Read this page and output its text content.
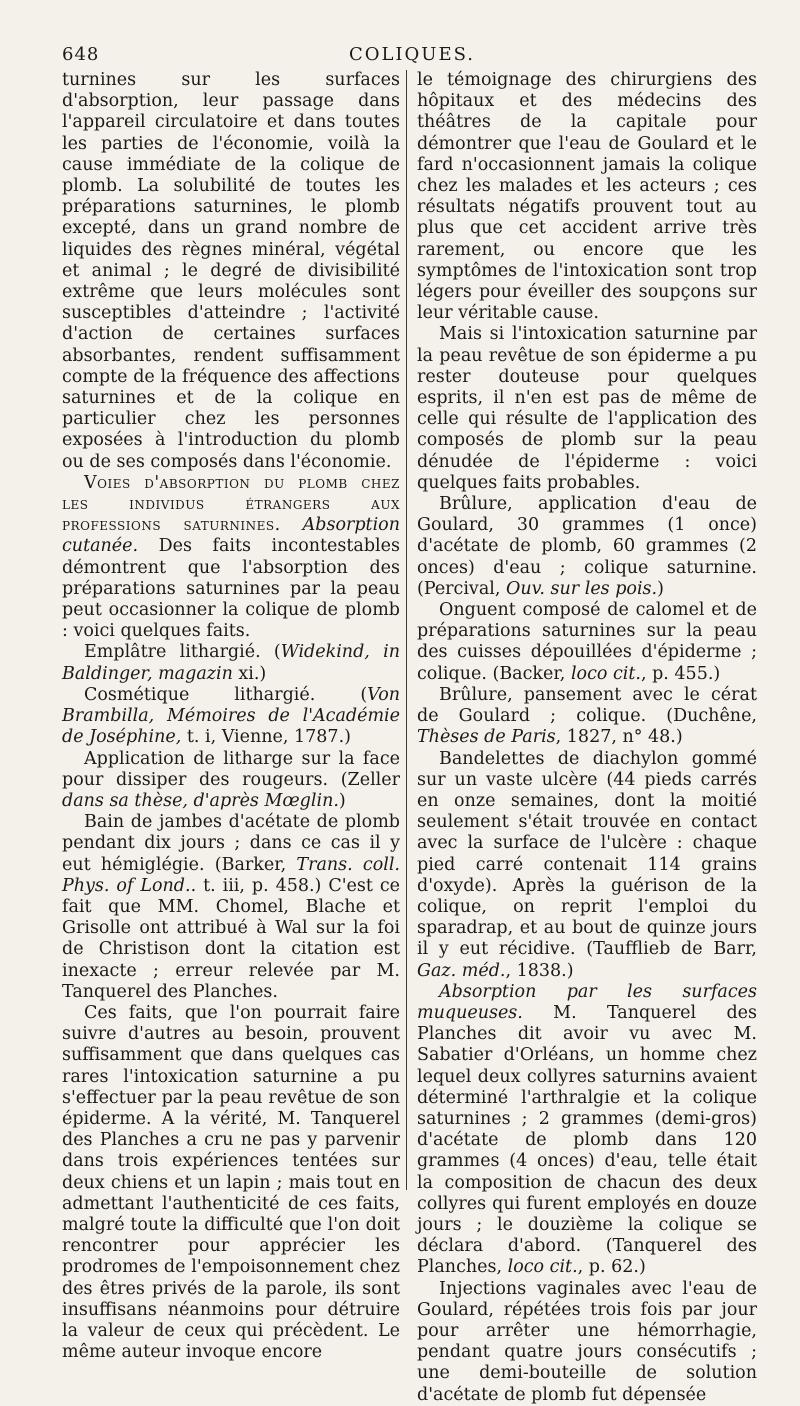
648	COLIQUES.

turnines sur les surfaces d'absorption, leur passage dans l'appareil circulatoire et dans toutes les parties de l'économie, voilà la cause immédiate de la colique de plomb. La solubilité de toutes les préparations saturnines, le plomb excepté, dans un grand nombre de liquides des règnes minéral, végétal et animal ; le degré de divisibilité extrême que leurs molécules sont susceptibles d'atteindre ; l'activité d'action de certaines surfaces absorbantes, rendent suffisamment compte de la fréquence des affections saturnines et de la colique en particulier chez les personnes exposées à l'introduction du plomb ou de ses composés dans l'économie.

Voies d'absorption du plomb chez les individus étrangers aux professions saturnines. Absorption cutanée. Des faits incontestables démontrent que l'absorption des préparations saturnines par la peau peut occasionner la colique de plomb : voici quelques faits.

Emplâtre lithargié. (Widekind, in Baldinger, magazin xi.)

Cosmétique lithargié. (Von Brambilla, Mémoires de l'Académie de Joséphine, t. i, Vienne, 1787.)

Application de litharge sur la face pour dissiper des rougeurs. (Zeller dans sa thèse, d'après Mœglin.)

Bain de jambes d'acétate de plomb pendant dix jours ; dans ce cas il y eut hémiglégie. (Barker, Trans. coll. Phys. of Lond.. t. iii, p. 458.) C'est ce fait que MM. Chomel, Blache et Grisolle ont attribué à Wal sur la foi de Christison dont la citation est inexacte ; erreur relevée par M. Tanquerel des Planches.

Ces faits, que l'on pourrait faire suivre d'autres au besoin, prouvent suffisamment que dans quelques cas rares l'intoxication saturnine a pu s'effectuer par la peau revêtue de son épiderme. A la vérité, M. Tanquerel des Planches a cru ne pas y parvenir dans trois expériences tentées sur deux chiens et un lapin ; mais tout en admettant l'authenticité de ces faits, malgré toute la difficulté que l'on doit rencontrer pour apprécier les prodromes de l'empoisonnement chez des êtres privés de la parole, ils sont insuffisans néanmoins pour détruire la valeur de ceux qui précèdent. Le même auteur invoque encore

le témoignage des chirurgiens des hôpitaux et des médecins des théâtres de la capitale pour démontrer que l'eau de Goulard et le fard n'occasionnent jamais la colique chez les malades et les acteurs ; ces résultats négatifs prouvent tout au plus que cet accident arrive très rarement, ou encore que les symptômes de l'intoxication sont trop légers pour éveiller des soupçons sur leur véritable cause.

Mais si l'intoxication saturnine par la peau revêtue de son épiderme a pu rester douteuse pour quelques esprits, il n'en est pas de même de celle qui résulte de l'application des composés de plomb sur la peau dénudée de l'épiderme : voici quelques faits probables.

Brûlure, application d'eau de Goulard, 30 grammes (1 once) d'acétate de plomb, 60 grammes (2 onces) d'eau ; colique saturnine. (Percival, Ouv. sur les pois.)

Onguent composé de calomel et de préparations saturnines sur la peau des cuisses dépouillées d'épiderme ; colique. (Backer, loco cit., p. 455.)

Brûlure, pansement avec le cérat de Goulard ; colique. (Duchêne, Thèses de Paris, 1827, n° 48.)

Bandelettes de diachylon gommé sur un vaste ulcère (44 pieds carrés en onze semaines, dont la moitié seulement s'était trouvée en contact avec la surface de l'ulcère : chaque pied carré contenait 114 grains d'oxyde). Après la guérison de la colique, on reprit l'emploi du sparadrap, et au bout de quinze jours il y eut récidive. (Taufflieb de Barr, Gaz. méd., 1838.)

Absorption par les surfaces muqueuses. M. Tanquerel des Planches dit avoir vu avec M. Sabatier d'Orléans, un homme chez lequel deux collyres saturnins avaient déterminé l'arthralgie et la colique saturnines ; 2 grammes (demi-gros) d'acétate de plomb dans 120 grammes (4 onces) d'eau, telle était la composition de chacun des deux collyres qui furent employés en douze jours ; le douzième la colique se déclara d'abord. (Tanquerel des Planches, loco cit., p. 62.)

Injections vaginales avec l'eau de Goulard, répétées trois fois par jour pour arrêter une hémorrhagie, pendant quatre jours consécutifs ; une demi-bouteille de solution d'acétate de plomb fut dépensée
